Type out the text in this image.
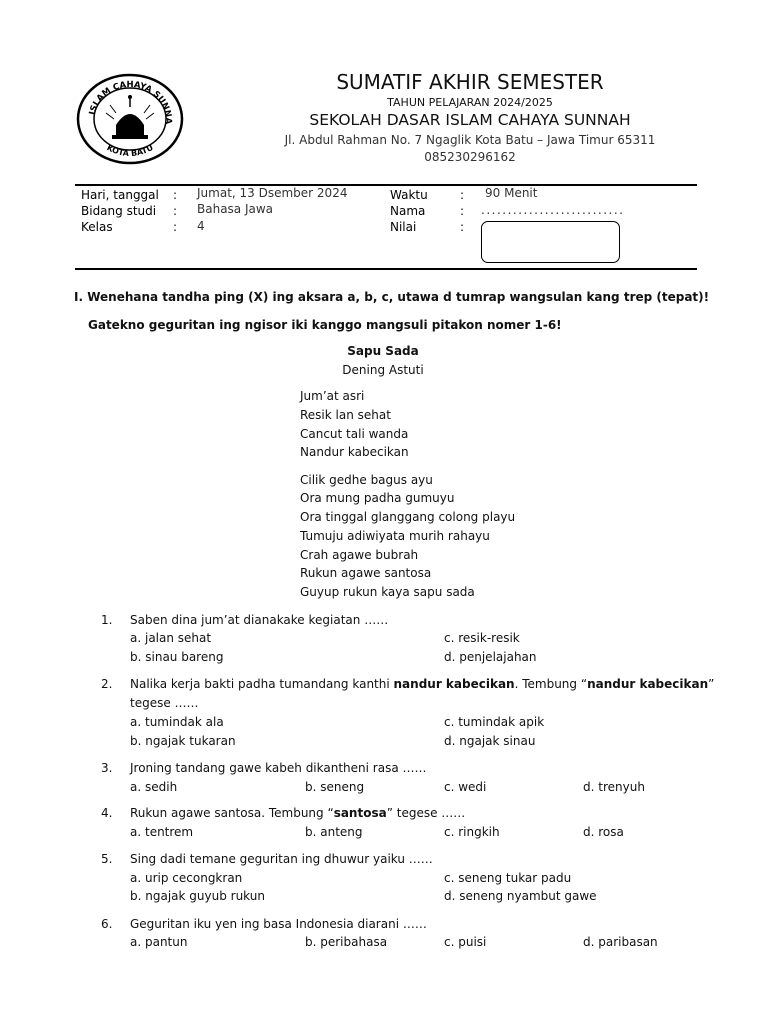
ISLAM CAHAYA SUNNA
KOTA BATU
SUMATIF AKHIR SEMESTER
TAHUN PELAJARAN 2024/2025
SEKOLAH DASAR ISLAM CAHAYA SUNNAH
Jl. Abdul Rahman No. 7 Ngaglik Kota Batu – Jawa Timur 65311
085230296162
Hari, tanggal : Jumat, 13 Dsember 2024
Bidang studi : Bahasa Jawa
Kelas	: 4
Waktu	: 90 Menit
Nama	: ...........................
Nilai	:
I. Wenehana tandha ping (X) ing aksara a, b, c, utawa d tumrap wangsulan kang trep (tepat)!
Gatekno geguritan ing ngisor iki kanggo mangsuli pitakon nomer 1-6!
Sapu Sada
Dening Astuti
Jum’at asri
Resik lan sehat
Cancut tali wanda
Nandur kabecikan
Cilik gedhe bagus ayu
Ora mung padha gumuyu
Ora tinggal glanggang colong playu
Tumuju adiwiyata murih rahayu
Crah agawe bubrah
Rukun agawe santosa
Guyup rukun kaya sapu sada
1. Saben dina jum’at dianakake kegiatan ……
a. jalan sehat	c. resik-resik
b. sinau bareng	d. penjelajahan
2. Nalika kerja bakti padha tumandang kanthi nandur kabecikan. Tembung “nandur kabecikan”
tegese ……
a. tumindak ala	c. tumindak apik
b. ngajak tukaran	d. ngajak sinau
3. Jroning tandang gawe kabeh dikantheni rasa ……
a. sedih	b. seneng	c. wedi	d. trenyuh
4. Rukun agawe santosa. Tembung “santosa” tegese ……
a. tentrem	b. anteng	c. ringkih	d. rosa
5. Sing dadi temane geguritan ing dhuwur yaiku ……
a. urip cecongkran	c. seneng tukar padu
b. ngajak guyub rukun	d. seneng nyambut gawe
6. Geguritan iku yen ing basa Indonesia diarani ……
a. pantun	b. peribahasa	c. puisi	d. paribasan
